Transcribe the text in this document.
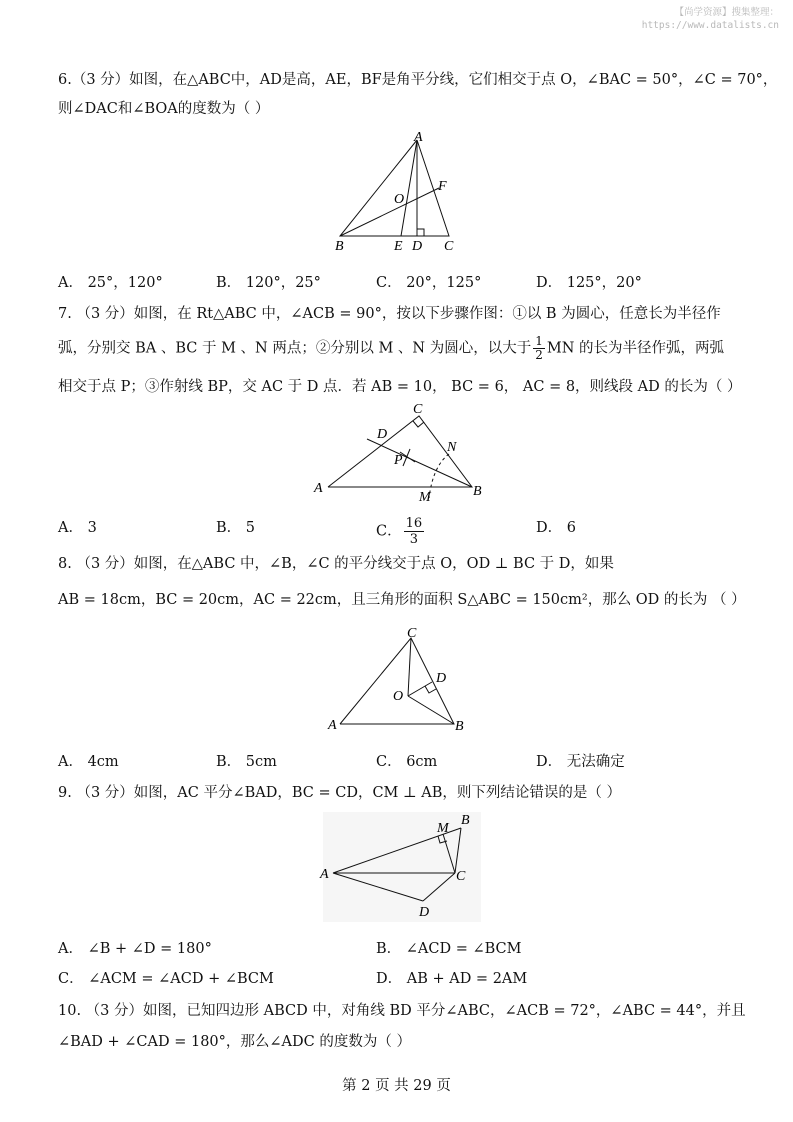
【尚学资源】搜集整理：
https://www.datalists.cn
6.（3 分）如图，在△ABC中，AD是高，AE，BF是角平分线，它们相交于点 O，∠BAC = 50°，∠C = 70°，
则∠DAC和∠BOA的度数为（ ）
A
B	E D C
F
O
A． 25°，120°	B． 120°，25°	C． 20°，125°	D． 125°，20°
7. （3 分）如图，在 Rt△ABC 中，∠ACB = 90°，按以下步骤作图：①以 B 为圆心，任意长为半径作
弧，分别交 BA 、BC 于 M 、N 两点；②分别以 M 、N 为圆心，以大于 $\frac{1}{2}$ MN 的长为半径作弧，两弧
相交于点 P；③作射线 BP，交 AC 于 D 点．若 AB = 10， BC = 6， AC = 8，则线段 AD 的长为（ ）
C
D
N
P
A	B
M
A． 3	B． 5	C． $\frac{16}{3}$	D． 6
8. （3 分）如图，在△ABC 中，∠B，∠C 的平分线交于点 O，OD ⊥ BC 于 D，如果
AB = 18cm，BC = 20cm，AC = 22cm，且三角形的面积 S△ABC = 150cm²，那么 OD 的长为 （ ）
C
D
O
A	B
A． 4cm	B． 5cm	C． 6cm	D． 无法确定
9. （3 分）如图，AC 平分∠BAD，BC = CD，CM ⊥ AB，则下列结论错误的是（ ）
M
B
A	C
D
A． ∠B + ∠D = 180°	B． ∠ACD = ∠BCM
C． ∠ACM = ∠ACD + ∠BCM	D． AB + AD = 2AM
10. （3 分）如图，已知四边形 ABCD 中，对角线 BD 平分∠ABC，∠ACB = 72°，∠ABC = 44°，并且
∠BAD + ∠CAD = 180°，那么∠ADC 的度数为（ ）
第 2 页 共 29 页
